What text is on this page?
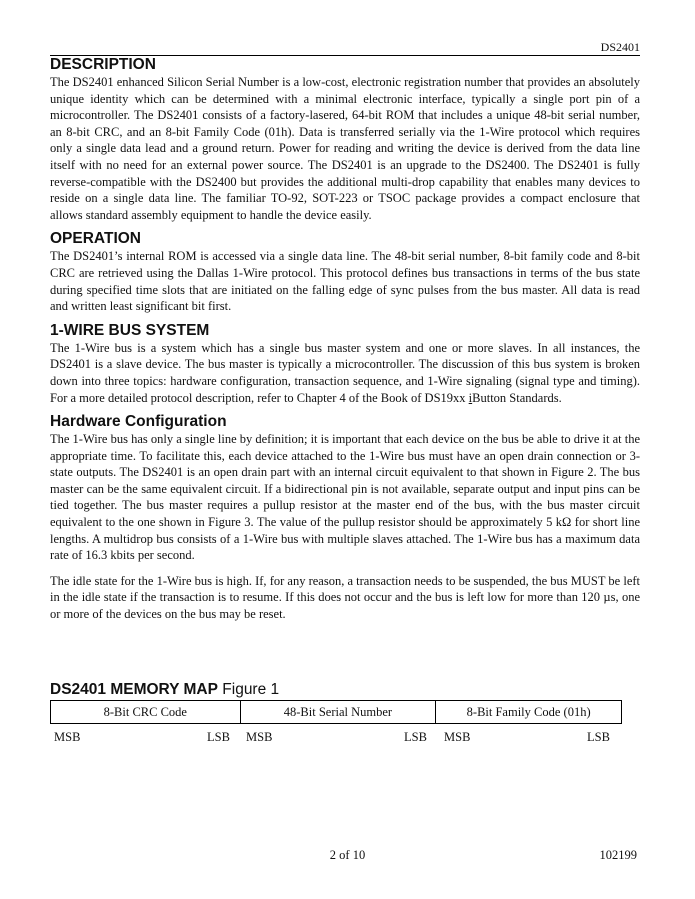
DS2401
DESCRIPTION

The DS2401 enhanced Silicon Serial Number is a low-cost, electronic registration number that provides an absolutely unique identity which can be determined with a minimal electronic interface, typically a single port pin of a microcontroller. The DS2401 consists of a factory-lasered, 64-bit ROM that includes a unique 48-bit serial number, an 8-bit CRC, and an 8-bit Family Code (01h). Data is transferred serially via the 1-Wire protocol which requires only a single data lead and a ground return. Power for reading and writing the device is derived from the data line itself with no need for an external power source. The DS2401 is an upgrade to the DS2400. The DS2401 is fully reverse-compatible with the DS2400 but provides the additional multi-drop capability that enables many devices to reside on a single data line. The familiar TO-92, SOT-223 or TSOC package provides a compact enclosure that allows standard assembly equipment to handle the device easily.

OPERATION

The DS2401’s internal ROM is accessed via a single data line. The 48-bit serial number, 8-bit family code and 8-bit CRC are retrieved using the Dallas 1-Wire protocol. This protocol defines bus transactions in terms of the bus state during specified time slots that are initiated on the falling edge of sync pulses from the bus master. All data is read and written least significant bit first.

1-WIRE BUS SYSTEM

The 1-Wire bus is a system which has a single bus master system and one or more slaves. In all instances, the DS2401 is a slave device. The bus master is typically a microcontroller. The discussion of this bus system is broken down into three topics: hardware configuration, transaction sequence, and 1-Wire signaling (signal type and timing). For a more detailed protocol description, refer to Chapter 4 of the Book of DS19xx iButton Standards.

Hardware Configuration

The 1-Wire bus has only a single line by definition; it is important that each device on the bus be able to drive it at the appropriate time. To facilitate this, each device attached to the 1-Wire bus must have an open drain connection or 3-state outputs. The DS2401 is an open drain part with an internal circuit equivalent to that shown in Figure 2. The bus master can be the same equivalent circuit. If a bidirectional pin is not available, separate output and input pins can be tied together. The bus master requires a pullup resistor at the master end of the bus, with the bus master circuit equivalent to the one shown in Figure 3. The value of the pullup resistor should be approximately 5 kΩ for short line lengths. A multidrop bus consists of a 1-Wire bus with multiple slaves attached. The 1-Wire bus has a maximum data rate of 16.3 kbits per second.

The idle state for the 1-Wire bus is high. If, for any reason, a transaction needs to be suspended, the bus MUST be left in the idle state if the transaction is to resume. If this does not occur and the bus is left low for more than 120 µs, one or more of the devices on the bus may be reset.

DS2401 MEMORY MAP Figure 1
8-Bit CRC Code	48-Bit Serial Number	8-Bit Family Code (01h)
MSB	LSB MSB	LSB MSB	LSB
2 of 10	102199
